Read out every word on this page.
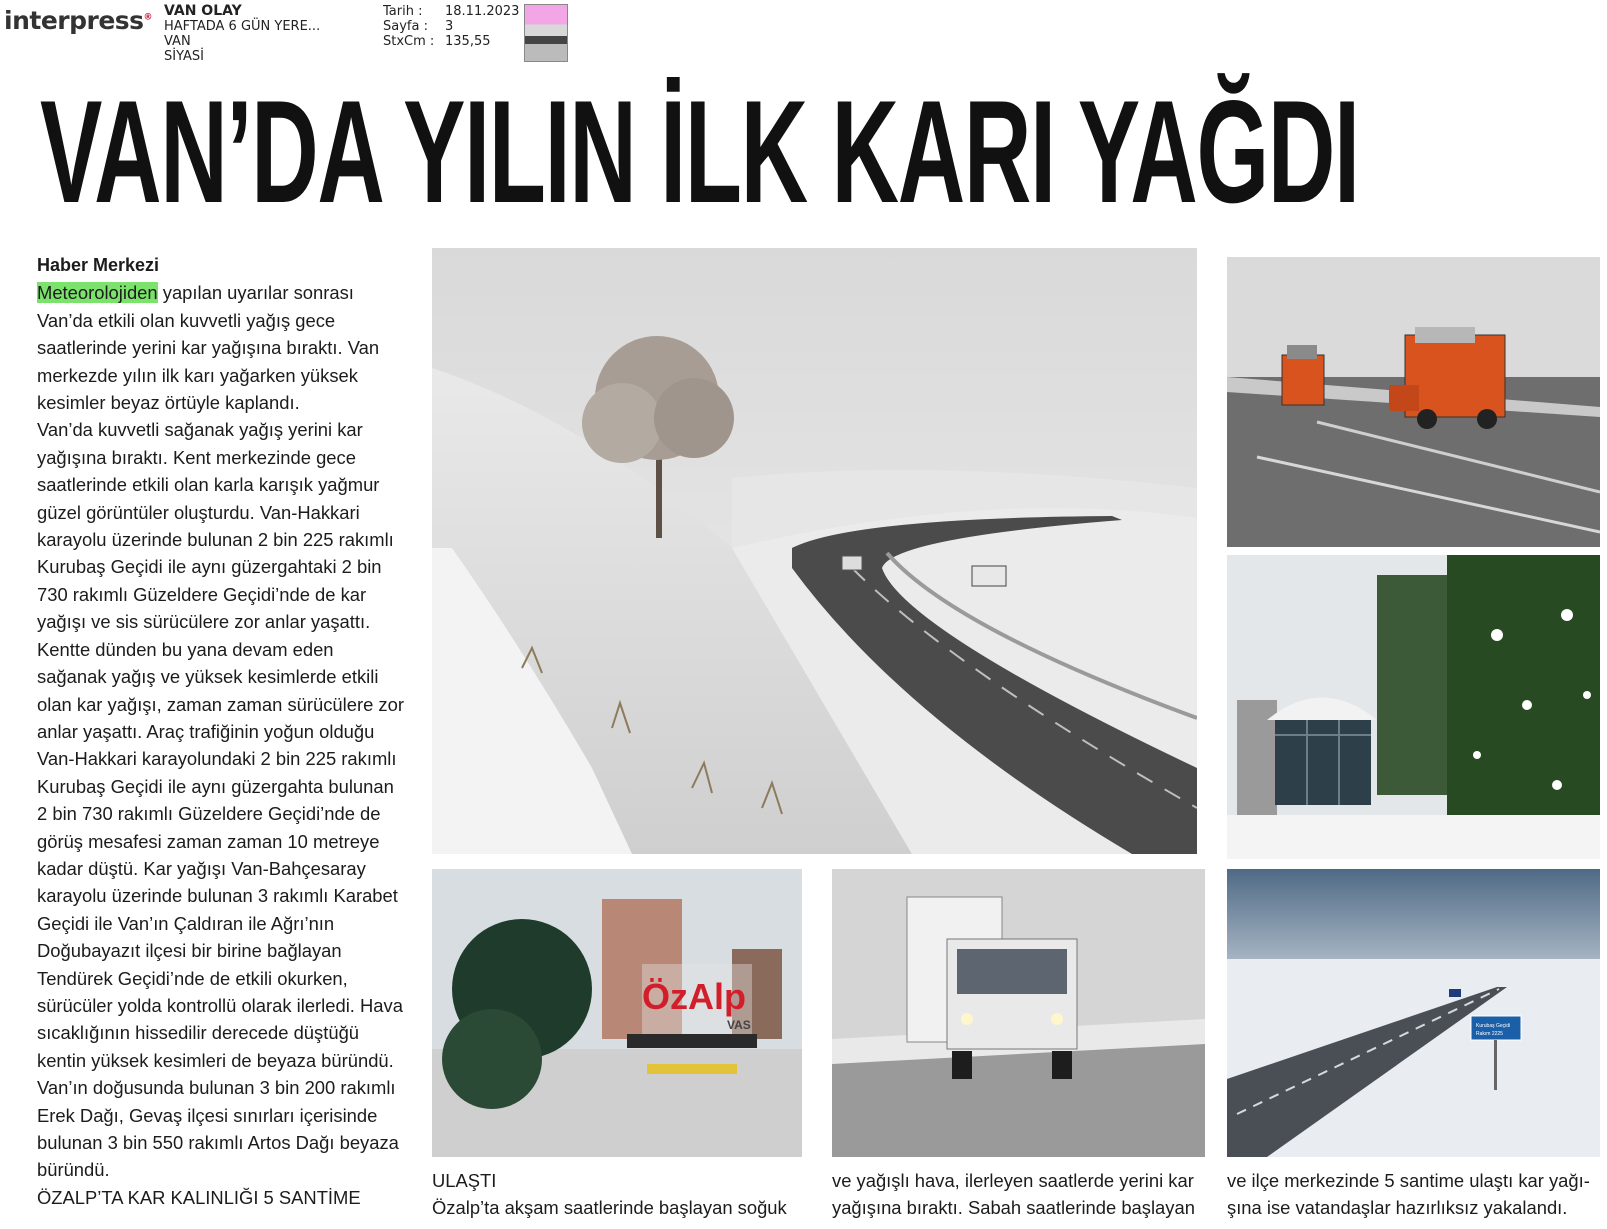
interpress® VAN OLAY
HAFTADA 6 GÜN YERE...
VAN
SİYASİ
Tarih :	18.11.2023
Sayfa :	3
StxCm : 135,55
VAN’DA YILIN İLK KARI YAĞDI
Haber Merkezi

Meteorolojiden yapılan uyarılar sonrası Van’da etkili olan kuvvetli yağış gece saatlerinde yerini kar yağışına bıraktı. Van merkezde yılın ilk karı yağarken yüksek kesimler beyaz örtüyle kaplandı.

Van’da kuvvetli sağanak yağış yerini kar yağışına bıraktı. Kent merkezinde gece saatlerinde etkili olan karla karışık yağmur güzel görüntüler oluşturdu. Van-Hakkari karayolu üzerinde bulunan 2 bin 225 rakımlı Kurubaş Geçidi ile aynı güzergahtaki 2 bin 730 rakımlı Güzeldere Geçidi’nde de kar yağışı ve sis sürücülere zor anlar yaşattı.

Kentte dünden bu yana devam eden sağanak yağış ve yüksek kesimlerde etkili olan kar yağışı, zaman zaman sürücülere zor anlar yaşattı. Araç trafiğinin yoğun olduğu Van-Hakkari karayolundaki 2 bin 225 rakımlı Kurubaş Geçidi ile aynı güzergahta bulunan 2 bin 730 rakımlı Güzeldere Geçidi’nde de görüş mesafesi zaman zaman 10 metreye kadar düştü. Kar yağışı Van-Bahçesaray karayolu üzerinde bulunan 3 rakımlı Karabet Geçidi ile Van’ın Çaldıran ile Ağrı’nın Doğubayazıt ilçesi bir birine bağlayan Tendürek Geçidi’nde de etkili okurken, sürücüler yolda kontrollü olarak ilerledi. Hava sıcaklığının hissedilir derecede düştüğü kentin yüksek kesimleri de beyaza büründü. Van’ın doğusunda bulunan 3 bin 200 rakımlı Erek Dağı, Gevaş ilçesi sınırları içerisinde bulunan 3 bin 550 rakımlı Artos Dağı beyaza büründü.

ÖZALP’TA KAR KALINLIĞI 5 SANTİME

ÖzAlp
VAS	Kurubaş Geçidi
Rakım 2225
ULAŞTI
Özalp’ta akşam saatlerinde başlayan soğuk
ve yağışlı hava, ilerleyen saatlerde yerini kar
yağışına bıraktı. Sabah saatlerinde başlayan
ve ilçe merkezinde 5 santime ulaştı kar yağı-
şına ise vatandaşlar hazırlıksız yakalandı.
